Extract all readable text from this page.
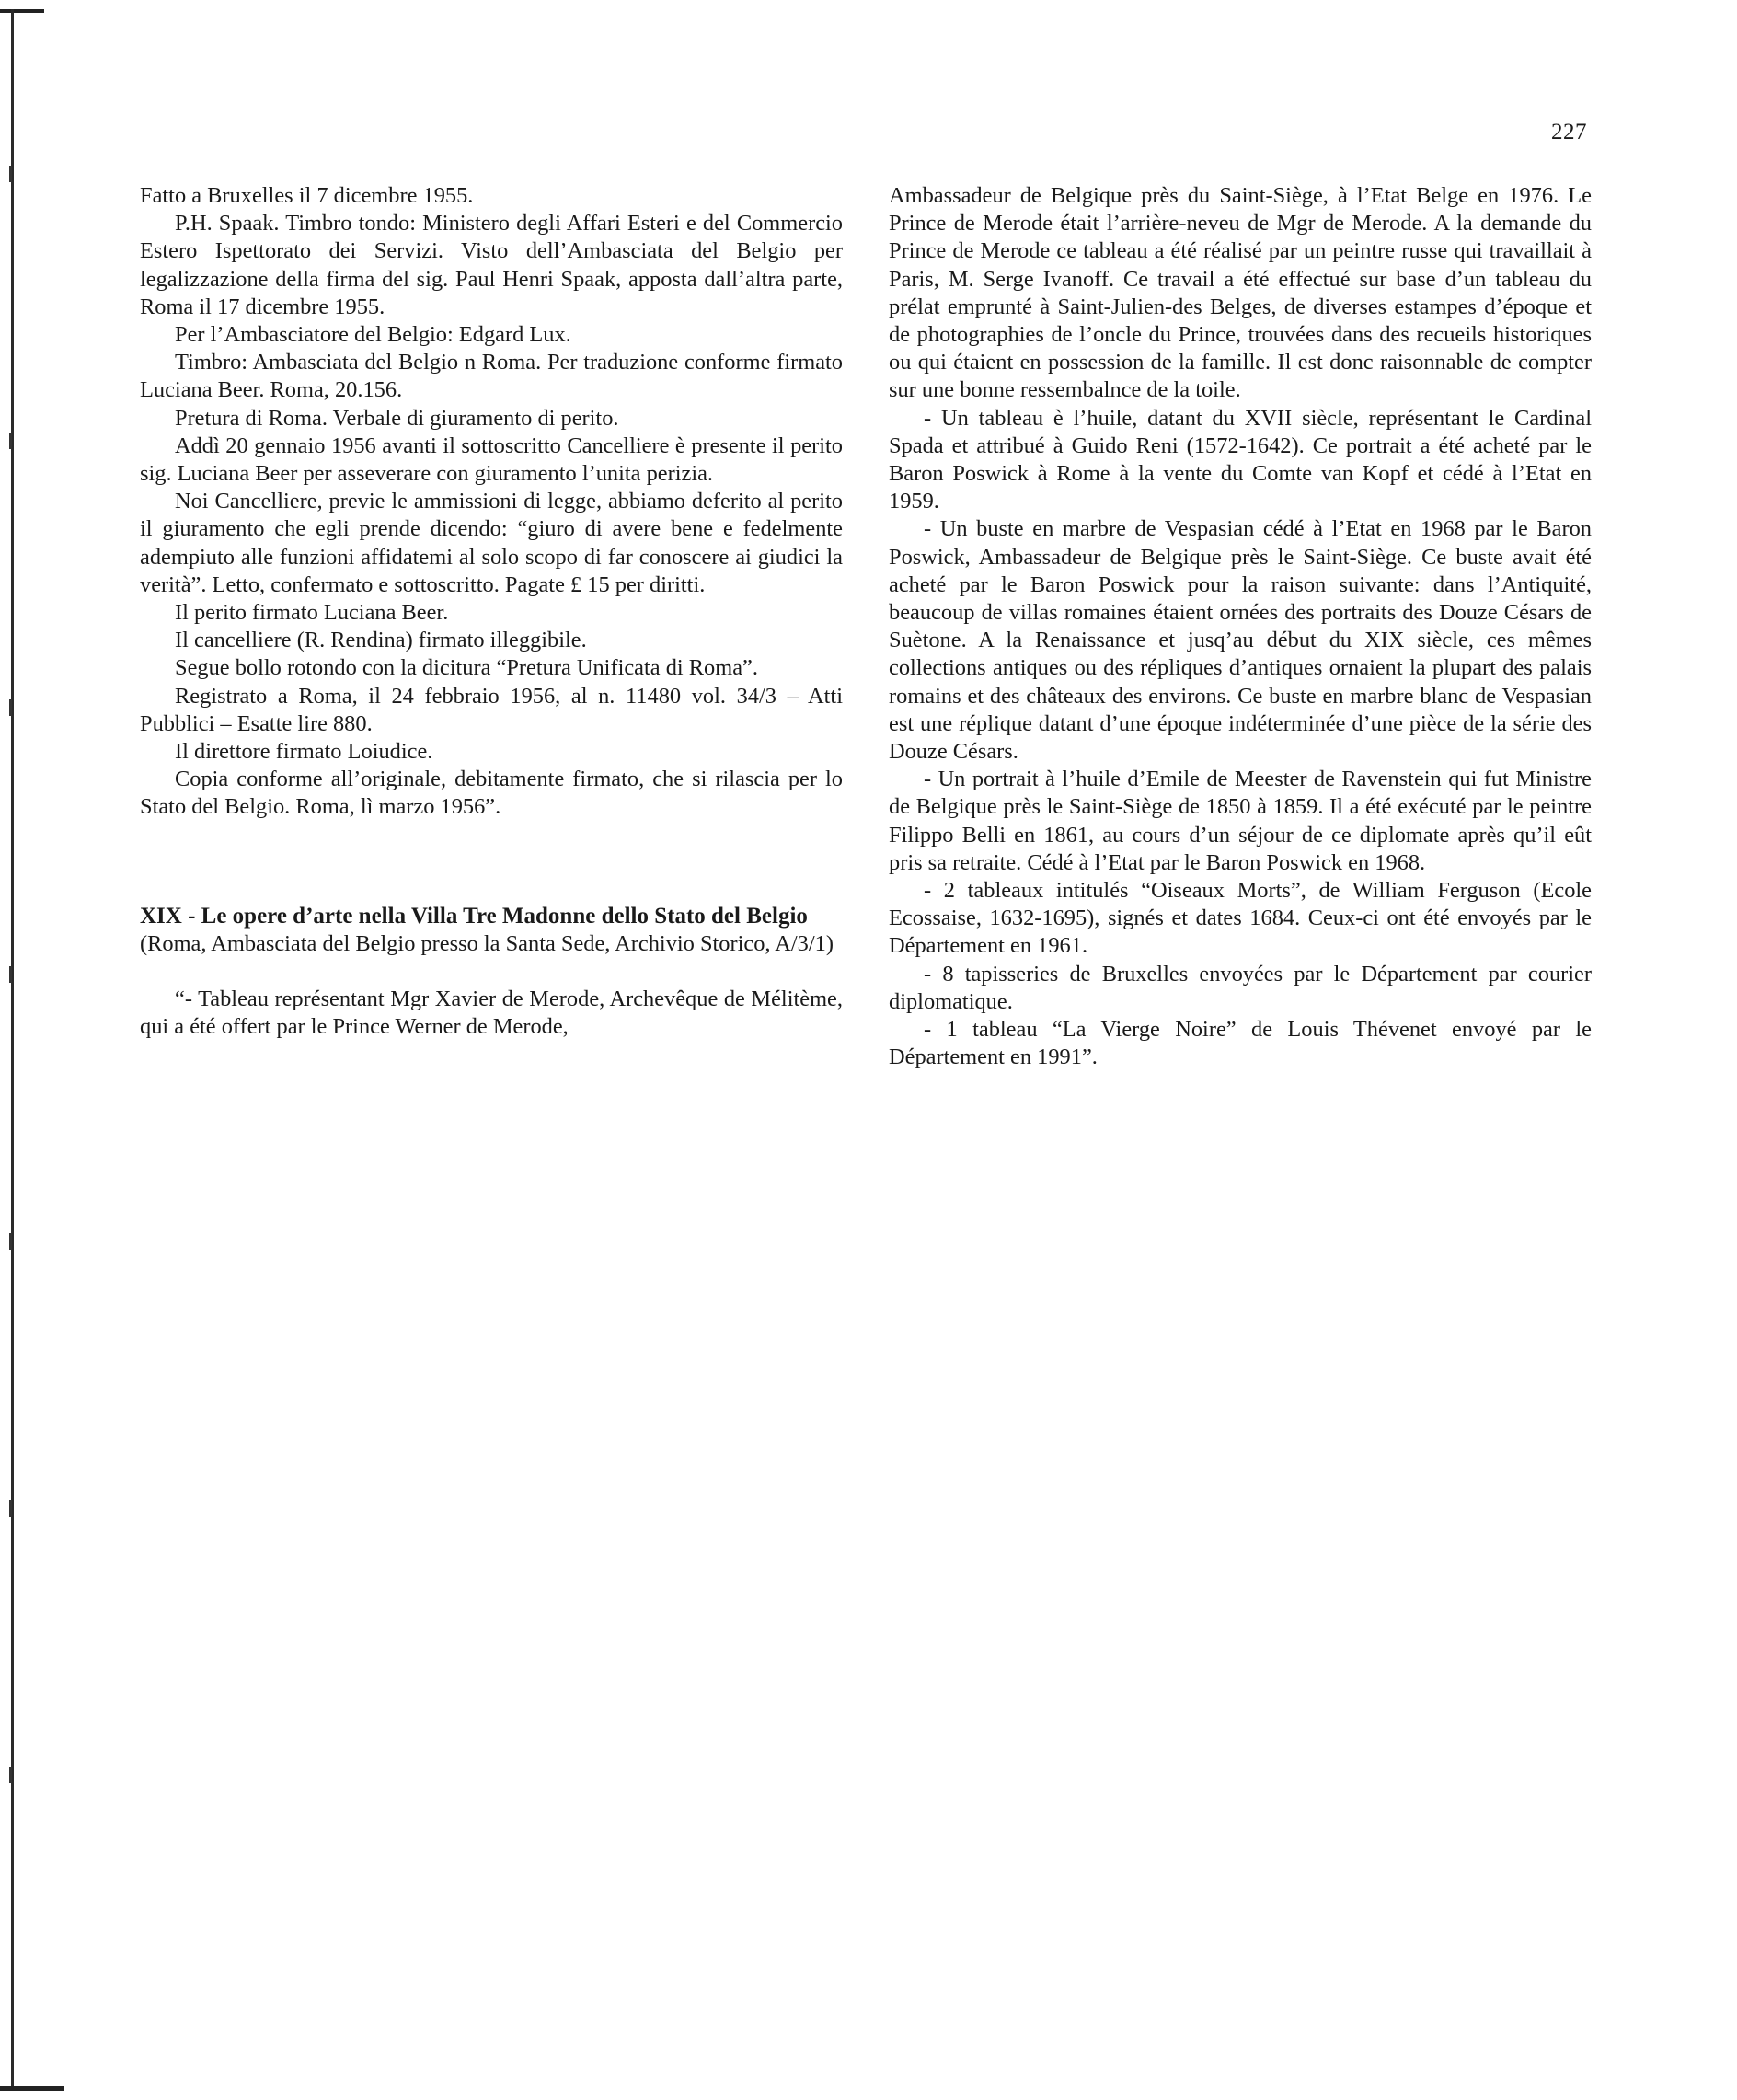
227

Fatto a Bruxelles il 7 dicembre 1955.

P.H. Spaak. Timbro tondo: Ministero degli Affari Esteri e del Commercio Estero Ispettorato dei Servizi. Visto dell’Ambasciata del Belgio per legalizzazione della firma del sig. Paul Henri Spaak, apposta dall’altra parte, Roma il 17 dicembre 1955.

Per l’Ambasciatore del Belgio: Edgard Lux.

Timbro: Ambasciata del Belgio n Roma. Per traduzione conforme firmato Luciana Beer. Roma, 20.156.

Pretura di Roma. Verbale di giuramento di perito.

Addì 20 gennaio 1956 avanti il sottoscritto Cancelliere è presente il perito sig. Luciana Beer per asseverare con giuramento l’unita perizia.

Noi Cancelliere, previe le ammissioni di legge, abbiamo deferito al perito il giuramento che egli prende dicendo: “giuro di avere bene e fedelmente adempiuto alle funzioni affidatemi al solo scopo di far conoscere ai giudici la verità”. Letto, confermato e sottoscritto. Pagate £ 15 per diritti.

Il perito firmato Luciana Beer.

Il cancelliere (R. Rendina) firmato illeggibile.

Segue bollo rotondo con la dicitura “Pretura Unificata di Roma”.

Registrato a Roma, il 24 febbraio 1956, al n. 11480 vol. 34/3 – Atti Pubblici – Esatte lire 880.

Il direttore firmato Loiudice.

Copia conforme all’originale, debitamente firmato, che si rilascia per lo Stato del Belgio. Roma, lì marzo 1956”.

XIX - Le opere d’arte nella Villa Tre Madonne dello Stato del Belgio

(Roma, Ambasciata del Belgio presso la Santa Sede, Archivio Storico, A/3/1)

“- Tableau représentant Mgr Xavier de Merode, Archevêque de Mélitème, qui a été offert par le Prince Werner de Merode,

Ambassadeur de Belgique près du Saint-Siège, à l’Etat Belge en 1976. Le Prince de Merode était l’arrière-neveu de Mgr de Merode. A la demande du Prince de Merode ce tableau a été réalisé par un peintre russe qui travaillait à Paris, M. Serge Ivanoff. Ce travail a été effectué sur base d’un tableau du prélat emprunté à Saint-Julien-des Belges, de diverses estampes d’époque et de photographies de l’oncle du Prince, trouvées dans des recueils historiques ou qui étaient en possession de la famille. Il est donc raisonnable de compter sur une bonne ressembalnce de la toile.

- Un tableau è l’huile, datant du XVII siècle, représentant le Cardinal Spada et attribué à Guido Reni (1572-1642). Ce portrait a été acheté par le Baron Poswick à Rome à la vente du Comte van Kopf et cédé à l’Etat en 1959.

- Un buste en marbre de Vespasian cédé à l’Etat en 1968 par le Baron Poswick, Ambassadeur de Belgique près le Saint-Siège. Ce buste avait été acheté par le Baron Poswick pour la raison suivante: dans l’Antiquité, beaucoup de villas romaines étaient ornées des portraits des Douze Césars de Suètone. A la Renaissance et jusq’au début du XIX siècle, ces mêmes collections antiques ou des répliques d’antiques ornaient la plupart des palais romains et des châteaux des environs. Ce buste en marbre blanc de Vespasian est une réplique datant d’une époque indéterminée d’une pièce de la série des Douze Césars.

- Un portrait à l’huile d’Emile de Meester de Ravenstein qui fut Ministre de Belgique près le Saint-Siège de 1850 à 1859. Il a été exécuté par le peintre Filippo Belli en 1861, au cours d’un séjour de ce diplomate après qu’il eût pris sa retraite. Cédé à l’Etat par le Baron Poswick en 1968.

- 2 tableaux intitulés “Oiseaux Morts”, de William Ferguson (Ecole Ecossaise, 1632-1695), signés et dates 1684. Ceux-ci ont été envoyés par le Département en 1961.

- 8 tapisseries de Bruxelles envoyées par le Département par courier diplomatique.

- 1 tableau “La Vierge Noire” de Louis Thévenet envoyé par le Département en 1991”.
